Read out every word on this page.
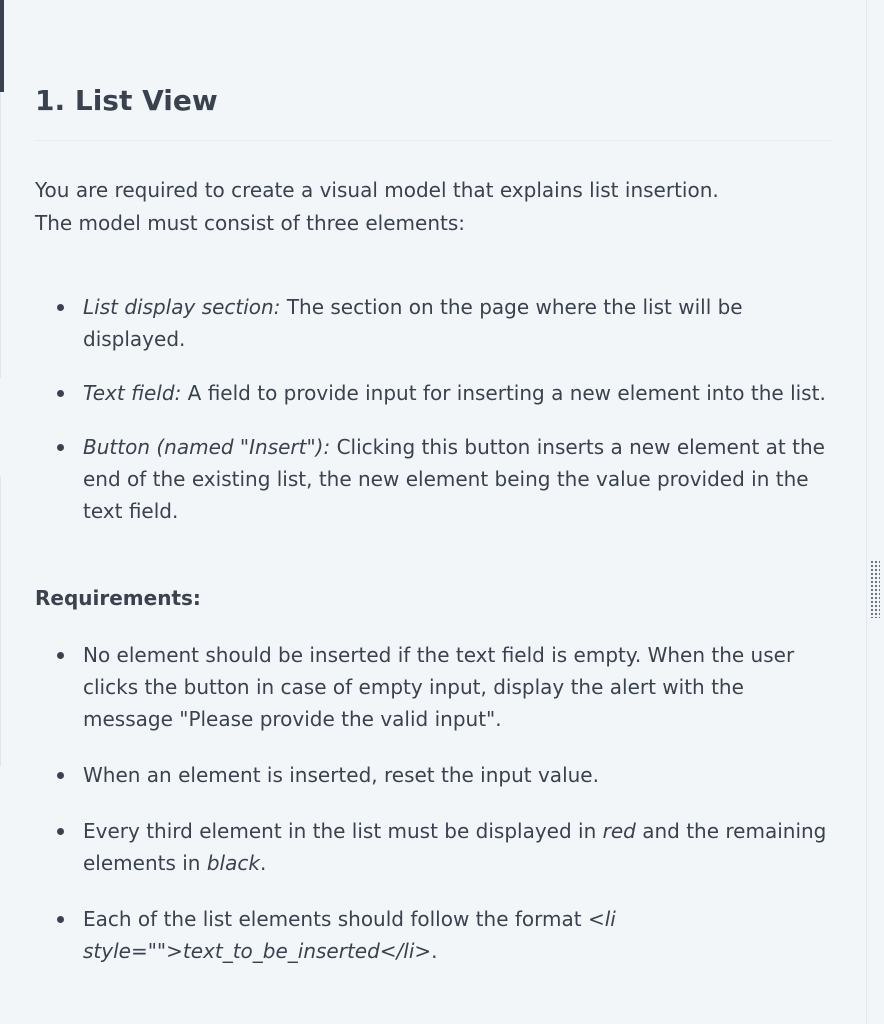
1. List View
You are required to create a visual model that explains list insertion.
The model must consist of three elements:
List display section: The section on the page where the list will be displayed.
Text field: A field to provide input for inserting a new element into the list.
Button (named "Insert"): Clicking this button inserts a new element at the end of the existing list, the new element being the value provided in the text field.
Requirements:
No element should be inserted if the text field is empty. When the user clicks the button in case of empty input, display the alert with the message "Please provide the valid input".
When an element is inserted, reset the input value.
Every third element in the list must be displayed in red and the remaining elements in black.
Each of the list elements should follow the format <li style="">text_to_be_inserted</li>.
